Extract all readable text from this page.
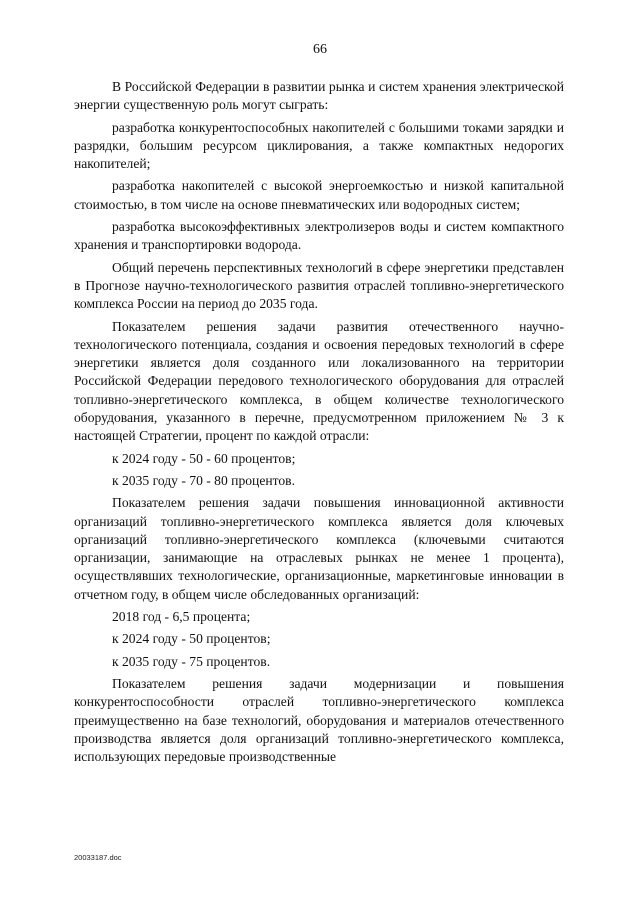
66

В Российской Федерации в развитии рынка и систем хранения электрической энергии существенную роль могут сыграть:

разработка конкурентоспособных накопителей с большими токами зарядки и разрядки, большим ресурсом циклирования, а также компактных недорогих накопителей;

разработка накопителей с высокой энергоемкостью и низкой капитальной стоимостью, в том числе на основе пневматических или водородных систем;

разработка высокоэффективных электролизеров воды и систем компактного хранения и транспортировки водорода.

Общий перечень перспективных технологий в сфере энергетики представлен в Прогнозе научно-технологического развития отраслей топливно-энергетического комплекса России на период до 2035 года.

Показателем решения задачи развития отечественного научно-технологического потенциала, создания и освоения передовых технологий в сфере энергетики является доля созданного или локализованного на территории Российской Федерации передового технологического оборудования для отраслей топливно-энергетического комплекса, в общем количестве технологического оборудования, указанного в перечне, предусмотренном приложением № 3 к настоящей Стратегии, процент по каждой отрасли:

к 2024 году - 50 - 60 процентов;

к 2035 году - 70 - 80 процентов.

Показателем решения задачи повышения инновационной активности организаций топливно-энергетического комплекса является доля ключевых организаций топливно-энергетического комплекса (ключевыми считаются организации, занимающие на отраслевых рынках не менее 1 процента), осуществлявших технологические, организационные, маркетинговые инновации в отчетном году, в общем числе обследованных организаций:

2018 год - 6,5 процента;

к 2024 году - 50 процентов;

к 2035 году - 75 процентов.

Показателем решения задачи модернизации и повышения конкурентоспособности отраслей топливно-энергетического комплекса преимущественно на базе технологий, оборудования и материалов отечественного производства является доля организаций топливно-энергетического комплекса, использующих передовые производственные

20033187.doc
